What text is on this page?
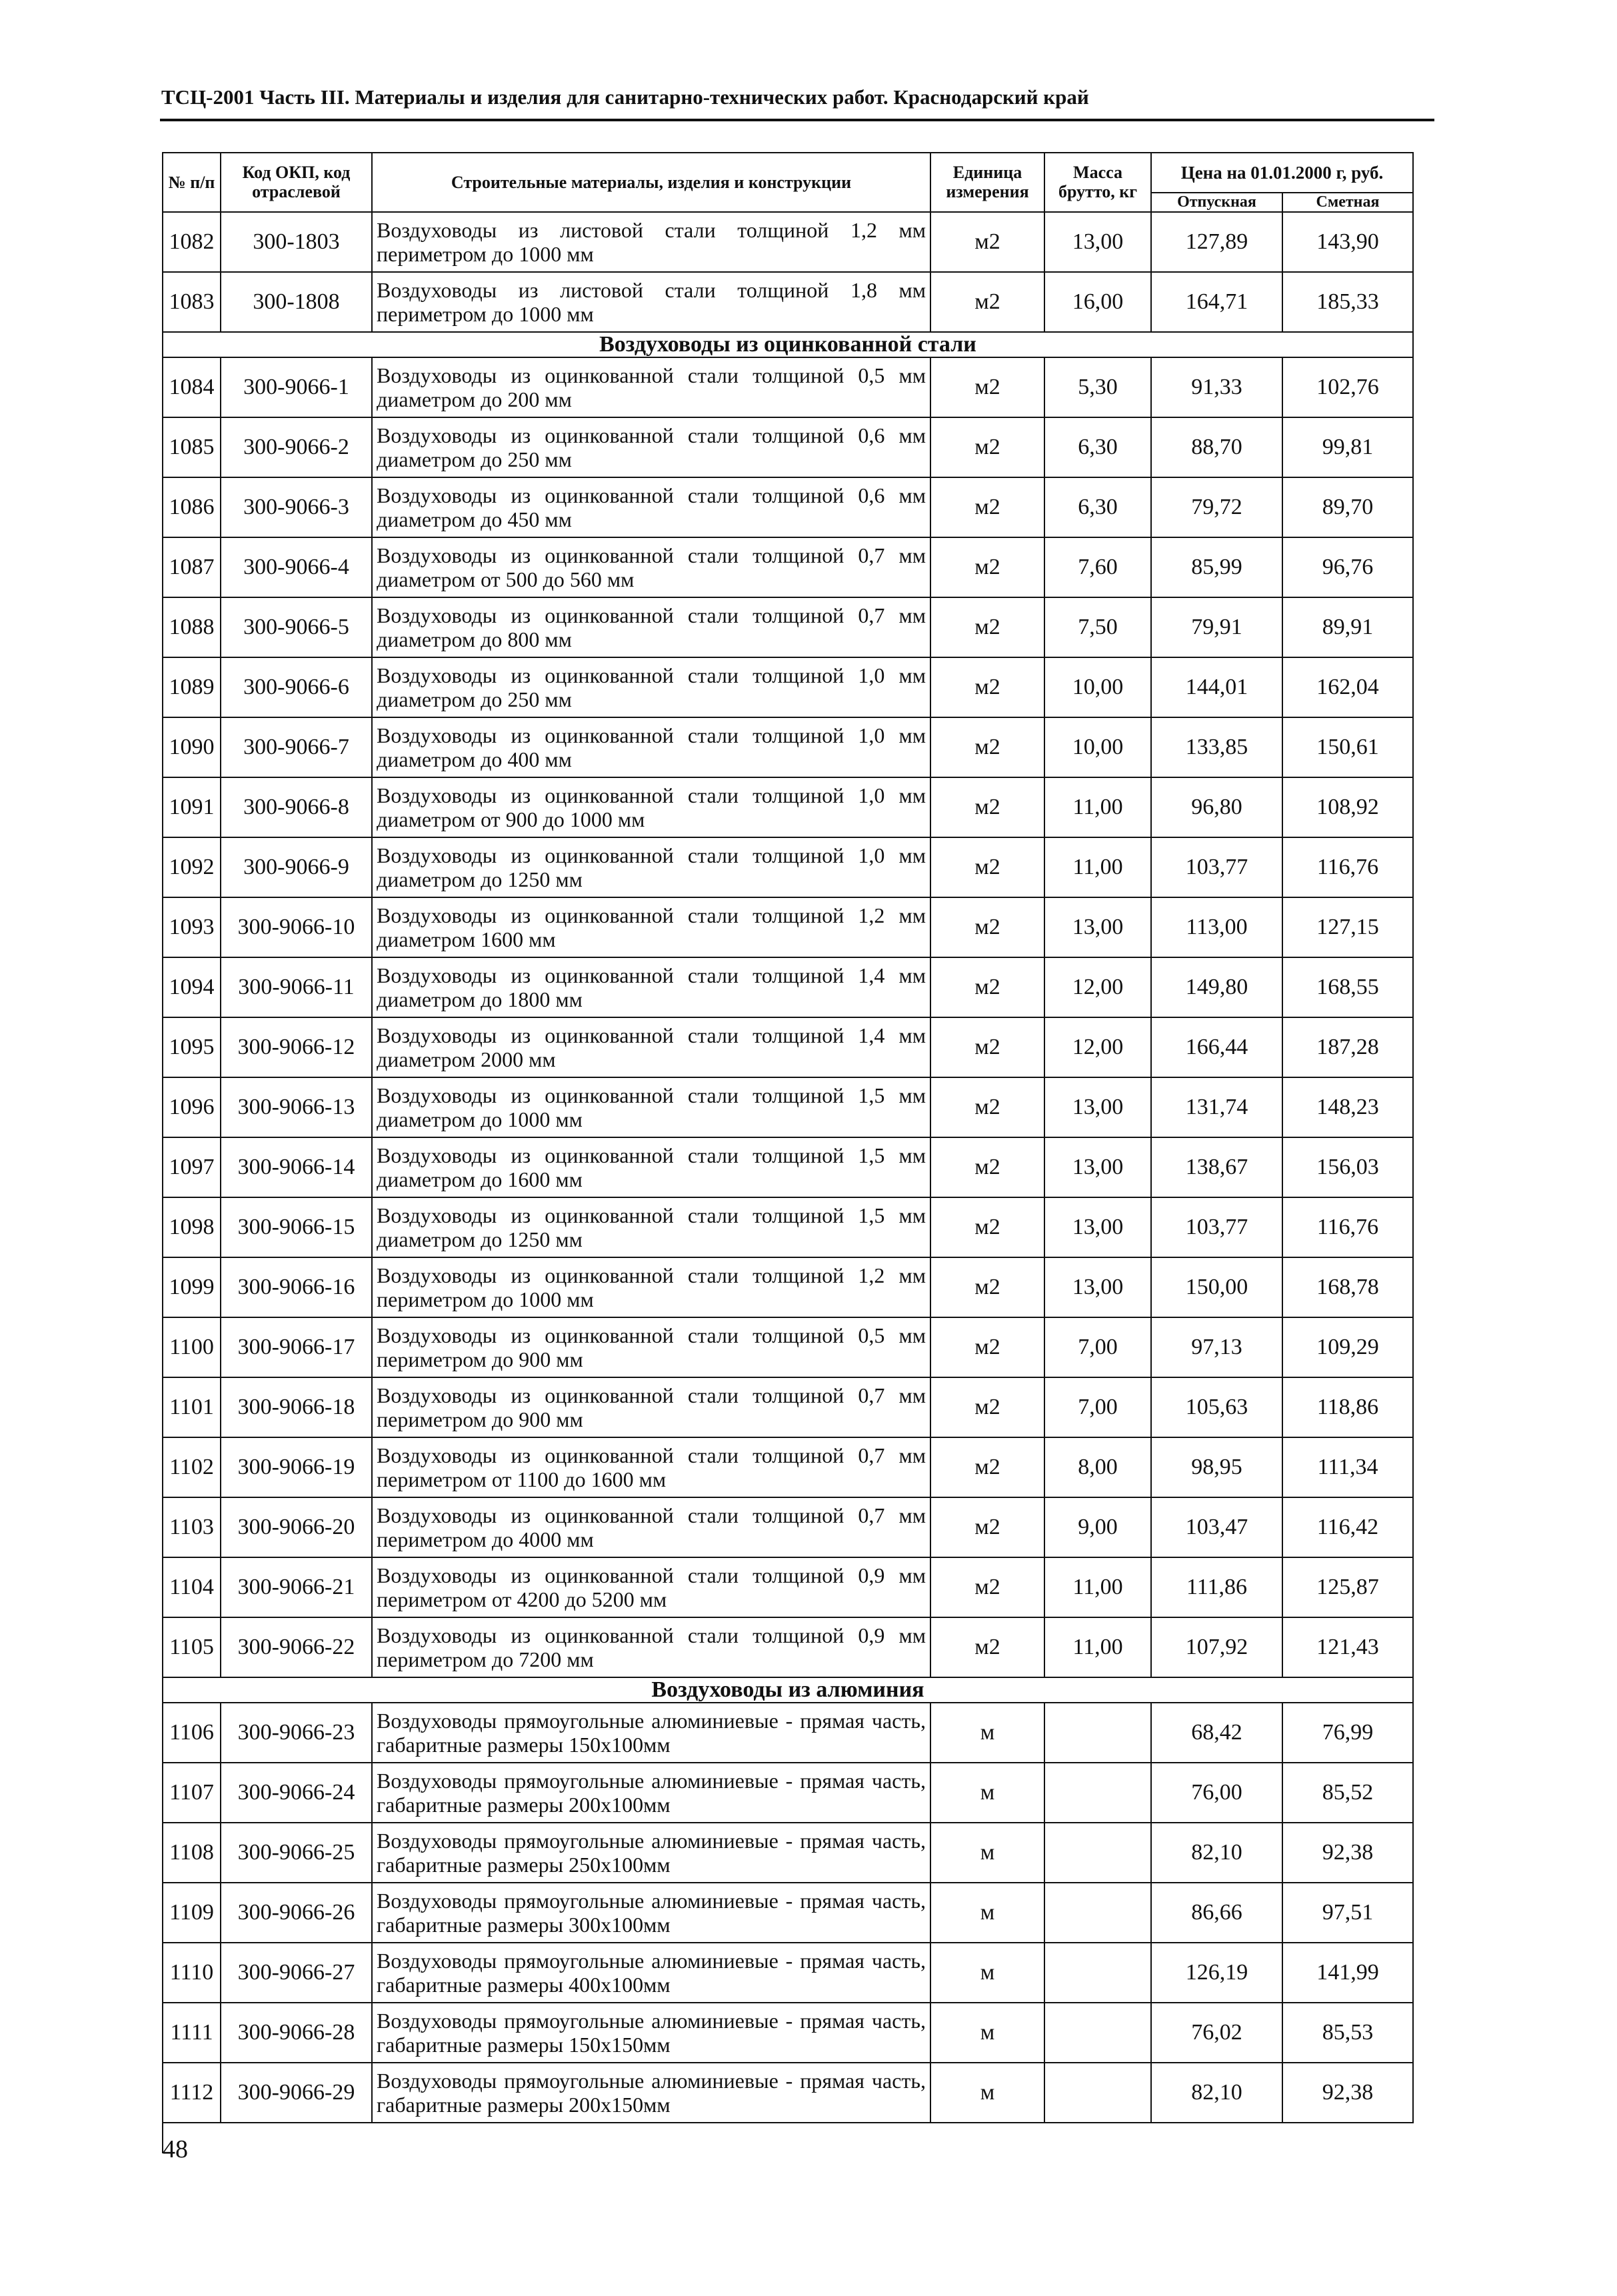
ТСЦ-2001 Часть III. Материалы и изделия для санитарно-технических работ. Краснодарский край
№ п/п	Код ОКП, код отраслевой	Строительные материалы, изделия и конструкции	Единица измерения	Масса брутто, кг	Цена на 01.01.2000 г, руб.	
					Отпускная	Сметная
1082	300-1803	Воздуховоды из листовой стали толщиной 1,2 мм периметром до 1000 мм	м2	13,00	127,89	143,90
1083	300-1808	Воздуховоды из листовой стали толщиной 1,8 мм периметром до 1000 мм	м2	16,00	164,71	185,33
Воздуховоды из оцинкованной стали						
1084	300-9066-1	Воздуховоды из оцинкованной стали толщиной 0,5 мм диаметром до 200 мм	м2	5,30	91,33	102,76
1085	300-9066-2	Воздуховоды из оцинкованной стали толщиной 0,6 мм диаметром до 250 мм	м2	6,30	88,70	99,81
1086	300-9066-3	Воздуховоды из оцинкованной стали толщиной 0,6 мм диаметром до 450 мм	м2	6,30	79,72	89,70
1087	300-9066-4	Воздуховоды из оцинкованной стали толщиной 0,7 мм диаметром от 500 до 560 мм	м2	7,60	85,99	96,76
1088	300-9066-5	Воздуховоды из оцинкованной стали толщиной 0,7 мм диаметром до 800 мм	м2	7,50	79,91	89,91
1089	300-9066-6	Воздуховоды из оцинкованной стали толщиной 1,0 мм диаметром до 250 мм	м2	10,00	144,01	162,04
1090	300-9066-7	Воздуховоды из оцинкованной стали толщиной 1,0 мм диаметром до 400 мм	м2	10,00	133,85	150,61
1091	300-9066-8	Воздуховоды из оцинкованной стали толщиной 1,0 мм диаметром от 900 до 1000 мм	м2	11,00	96,80	108,92
1092	300-9066-9	Воздуховоды из оцинкованной стали толщиной 1,0 мм диаметром до 1250 мм	м2	11,00	103,77	116,76
1093	300-9066-10	Воздуховоды из оцинкованной стали толщиной 1,2 мм диаметром 1600 мм	м2	13,00	113,00	127,15
1094	300-9066-11	Воздуховоды из оцинкованной стали толщиной 1,4 мм диаметром до 1800 мм	м2	12,00	149,80	168,55
1095	300-9066-12	Воздуховоды из оцинкованной стали толщиной 1,4 мм диаметром 2000 мм	м2	12,00	166,44	187,28
1096	300-9066-13	Воздуховоды из оцинкованной стали толщиной 1,5 мм диаметром до 1000 мм	м2	13,00	131,74	148,23
1097	300-9066-14	Воздуховоды из оцинкованной стали толщиной 1,5 мм диаметром до 1600 мм	м2	13,00	138,67	156,03
1098	300-9066-15	Воздуховоды из оцинкованной стали толщиной 1,5 мм диаметром до 1250 мм	м2	13,00	103,77	116,76
1099	300-9066-16	Воздуховоды из оцинкованной стали толщиной 1,2 мм периметром до 1000 мм	м2	13,00	150,00	168,78
1100	300-9066-17	Воздуховоды из оцинкованной стали толщиной 0,5 мм периметром до 900 мм	м2	7,00	97,13	109,29
1101	300-9066-18	Воздуховоды из оцинкованной стали толщиной 0,7 мм периметром до 900 мм	м2	7,00	105,63	118,86
1102	300-9066-19	Воздуховоды из оцинкованной стали толщиной 0,7 мм периметром от 1100 до 1600 мм	м2	8,00	98,95	111,34
1103	300-9066-20	Воздуховоды из оцинкованной стали толщиной 0,7 мм периметром до 4000 мм	м2	9,00	103,47	116,42
1104	300-9066-21	Воздуховоды из оцинкованной стали толщиной 0,9 мм периметром от 4200 до 5200 мм	м2	11,00	111,86	125,87
1105	300-9066-22	Воздуховоды из оцинкованной стали толщиной 0,9 мм периметром до 7200 мм	м2	11,00	107,92	121,43
Воздуховоды из алюминия						
1106	300-9066-23	Воздуховоды прямоугольные алюминиевые - прямая часть, габаритные размеры 150x100мм	м		68,42	76,99
1107	300-9066-24	Воздуховоды прямоугольные алюминиевые - прямая часть, габаритные размеры 200x100мм	м		76,00	85,52
1108	300-9066-25	Воздуховоды прямоугольные алюминиевые - прямая часть, габаритные размеры 250x100мм	м		82,10	92,38
1109	300-9066-26	Воздуховоды прямоугольные алюминиевые - прямая часть, габаритные размеры 300x100мм	м		86,66	97,51
1110	300-9066-27	Воздуховоды прямоугольные алюминиевые - прямая часть, габаритные размеры 400x100мм	м		126,19	141,99
1111	300-9066-28	Воздуховоды прямоугольные алюминиевые - прямая часть, габаритные размеры 150x150мм	м		76,02	85,53
1112	300-9066-29	Воздуховоды прямоугольные алюминиевые - прямая часть, габаритные размеры 200x150мм	м		82,10	92,38
48
